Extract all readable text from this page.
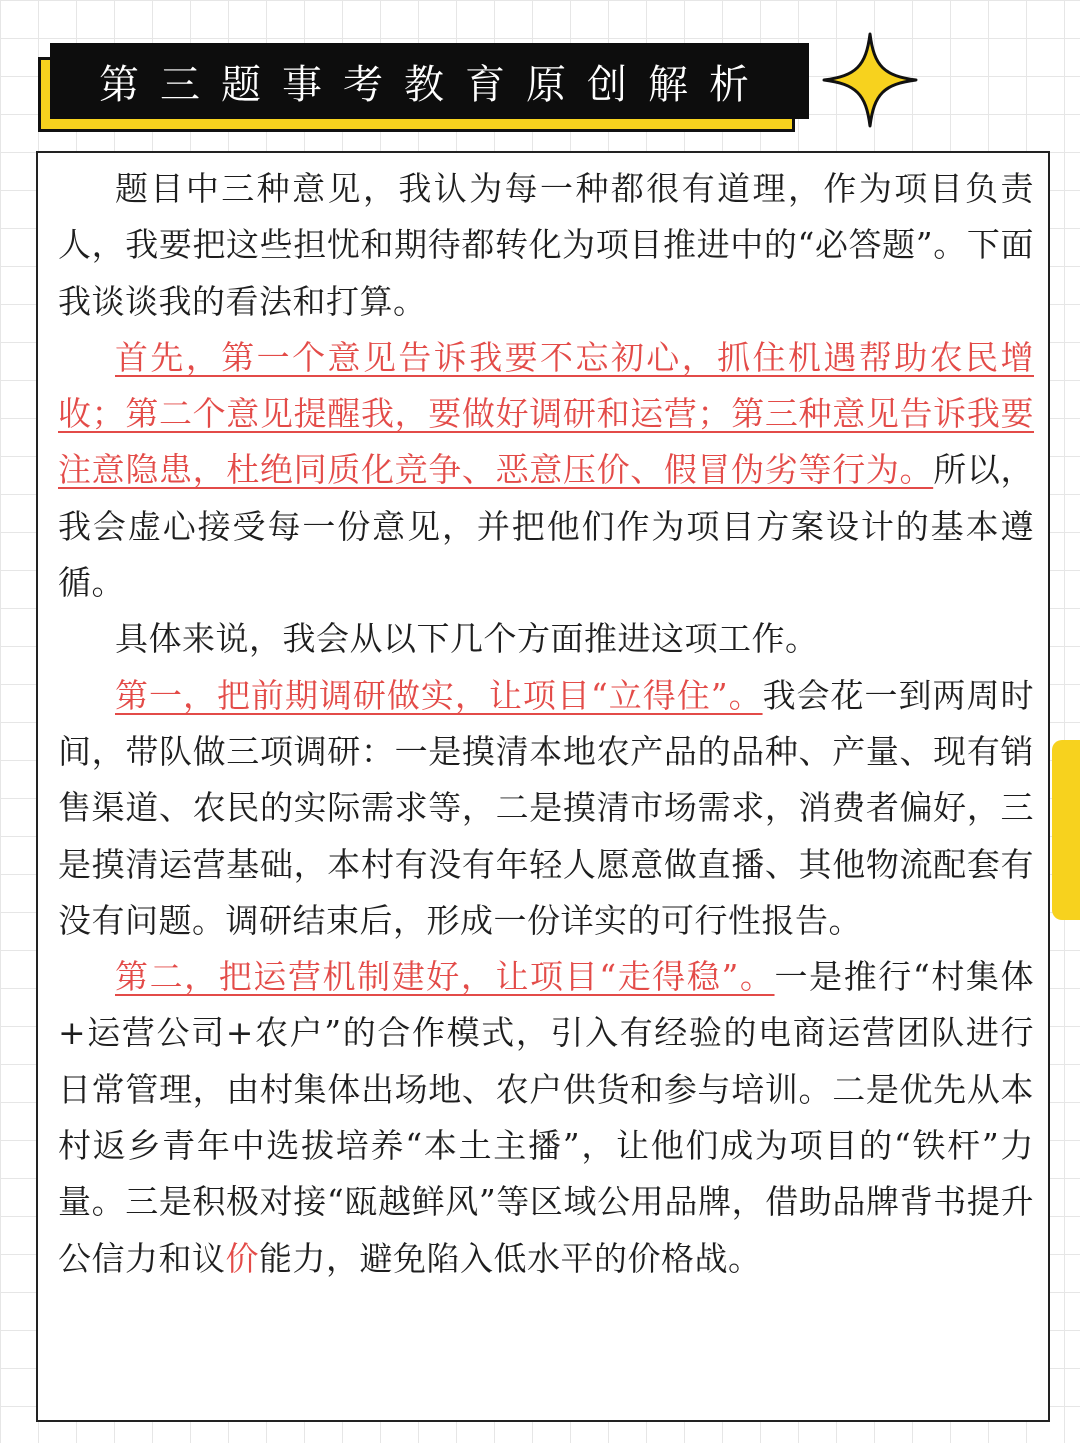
第三题事考教育原创解析

题目中三种意见，我认为每一种都很有道理，作为项目负责人，我要把这些担忧和期待都转化为项目推进中的“必答题”。下面我谈谈我的看法和打算。

首先，第一个意见告诉我要不忘初心，抓住机遇帮助农民增收；第二个意见提醒我，要做好调研和运营；第三种意见告诉我要注意隐患，杜绝同质化竞争、恶意压价、假冒伪劣等行为。所以，我会虚心接受每一份意见，并把他们作为项目方案设计的基本遵循。

具体来说，我会从以下几个方面推进这项工作。

第一，把前期调研做实，让项目“立得住”。我会花一到两周时间，带队做三项调研：一是摸清本地农产品的品种、产量、现有销售渠道、农民的实际需求等，二是摸清市场需求，消费者偏好，三是摸清运营基础，本村有没有年轻人愿意做直播、其他物流配套有没有问题。调研结束后，形成一份详实的可行性报告。

第二，把运营机制建好，让项目“走得稳”。一是推行“村集体+运营公司+农户”的合作模式，引入有经验的电商运营团队进行日常管理，由村集体出场地、农户供货和参与培训。二是优先从本村返乡青年中选拔培养“本土主播”，让他们成为项目的“铁杆”力量。三是积极对接“瓯越鲜风”等区域公用品牌，借助品牌背书提升公信力和议价能力，避免陷入低水平的价格战。
